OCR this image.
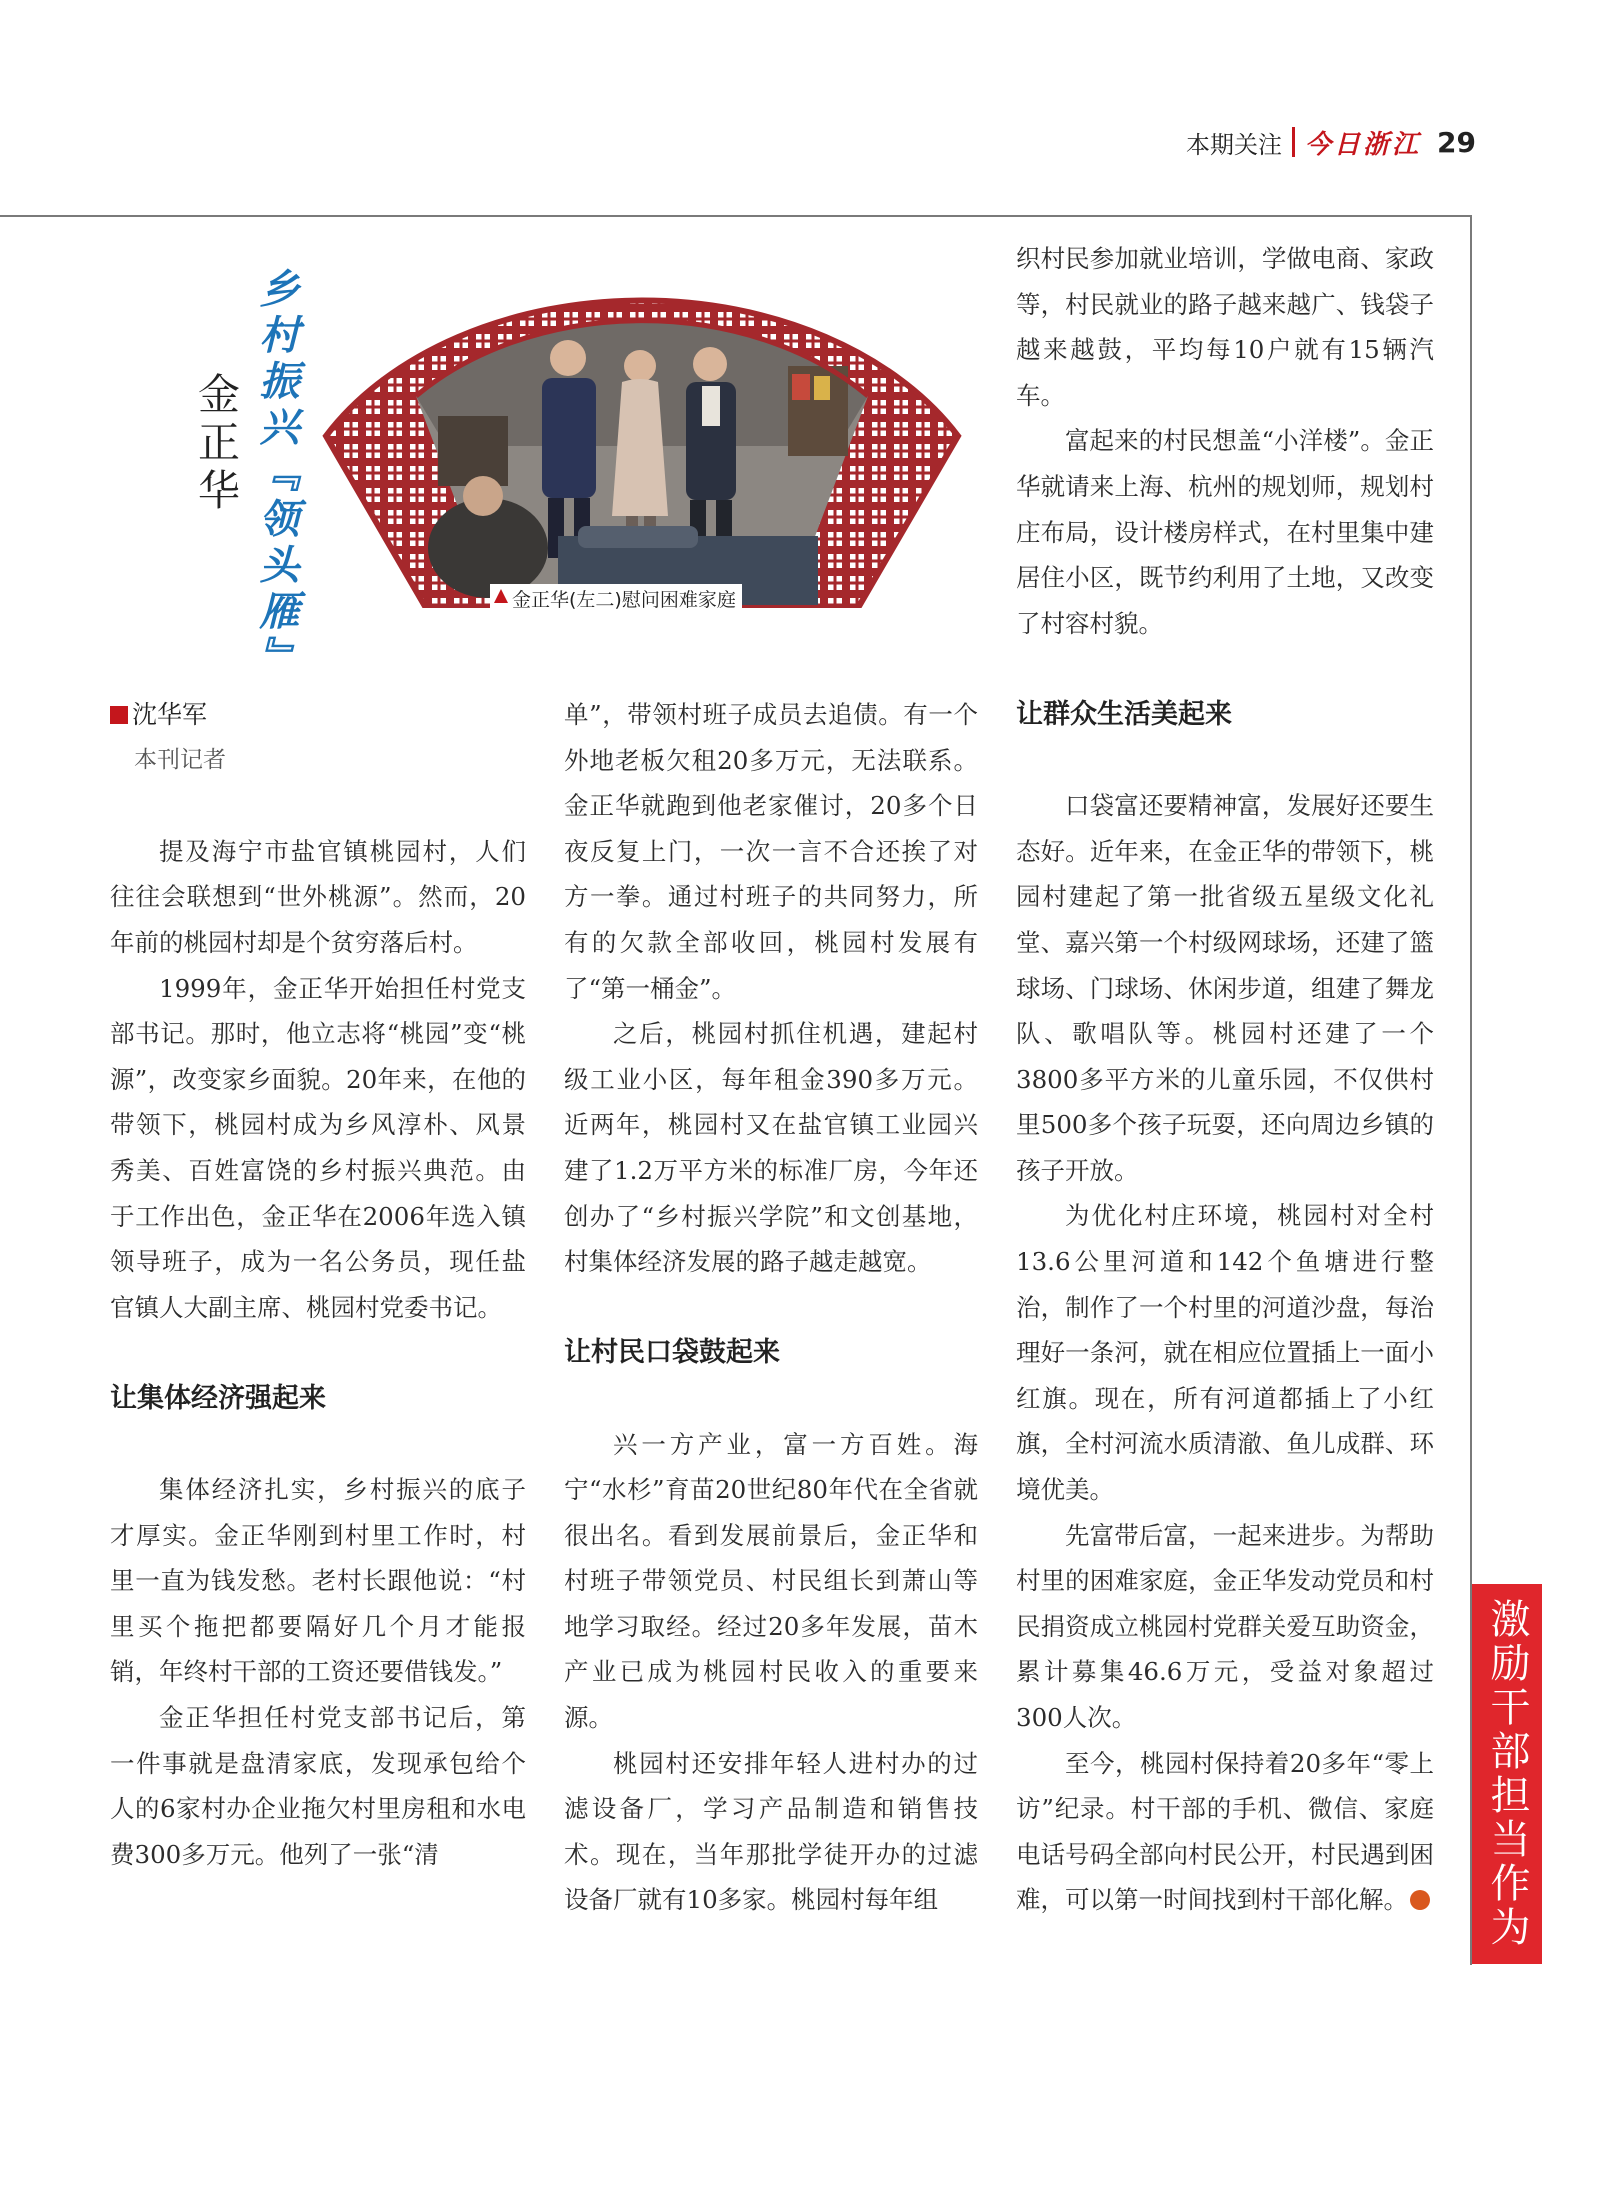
本期关注 今日浙江 29
乡村振兴『领头雁』
金正华
金正华(左二)慰问困难家庭
沈华军
本刊记者

提及海宁市盐官镇桃园村，人们往往会联想到“世外桃源”。然而，20年前的桃园村却是个贫穷落后村。

1999年，金正华开始担任村党支部书记。那时，他立志将“桃园”变“桃源”，改变家乡面貌。20年来，在他的带领下，桃园村成为乡风淳朴、风景秀美、百姓富饶的乡村振兴典范。由于工作出色，金正华在2006年选入镇领导班子，成为一名公务员，现任盐官镇人大副主席、桃园村党委书记。

让集体经济强起来

集体经济扎实，乡村振兴的底子才厚实。金正华刚到村里工作时，村里一直为钱发愁。老村长跟他说：“村里买个拖把都要隔好几个月才能报销，年终村干部的工资还要借钱发。”

金正华担任村党支部书记后，第一件事就是盘清家底，发现承包给个人的6家村办企业拖欠村里房租和水电费300多万元。他列了一张“清

单”，带领村班子成员去追债。有一个外地老板欠租20多万元，无法联系。金正华就跑到他老家催讨，20多个日夜反复上门，一次一言不合还挨了对方一拳。通过村班子的共同努力，所有的欠款全部收回，桃园村发展有了“第一桶金”。

之后，桃园村抓住机遇，建起村级工业小区，每年租金390多万元。近两年，桃园村又在盐官镇工业园兴建了1.2万平方米的标准厂房，今年还创办了“乡村振兴学院”和文创基地，村集体经济发展的路子越走越宽。

让村民口袋鼓起来

兴一方产业，富一方百姓。海宁“水杉”育苗20世纪80年代在全省就很出名。看到发展前景后，金正华和村班子带领党员、村民组长到萧山等地学习取经。经过20多年发展，苗木产业已成为桃园村民收入的重要来源。

桃园村还安排年轻人进村办的过滤设备厂，学习产品制造和销售技术。现在，当年那批学徒开办的过滤设备厂就有10多家。桃园村每年组

织村民参加就业培训，学做电商、家政等，村民就业的路子越来越广、钱袋子越来越鼓，平均每10户就有15辆汽车。

富起来的村民想盖“小洋楼”。金正华就请来上海、杭州的规划师，规划村庄布局，设计楼房样式，在村里集中建居住小区，既节约利用了土地，又改变了村容村貌。

让群众生活美起来

口袋富还要精神富，发展好还要生态好。近年来，在金正华的带领下，桃园村建起了第一批省级五星级文化礼堂、嘉兴第一个村级网球场，还建了篮球场、门球场、休闲步道，组建了舞龙队、歌唱队等。桃园村还建了一个3800多平方米的儿童乐园，不仅供村里500多个孩子玩耍，还向周边乡镇的孩子开放。

为优化村庄环境，桃园村对全村13.6公里河道和142个鱼塘进行整治，制作了一个村里的河道沙盘，每治理好一条河，就在相应位置插上一面小红旗。现在，所有河道都插上了小红旗，全村河流水质清澈、鱼儿成群、环境优美。

先富带后富，一起来进步。为帮助村里的困难家庭，金正华发动党员和村民捐资成立桃园村党群关爱互助资金，累计募集46.6万元，受益对象超过300人次。

至今，桃园村保持着20多年“零上访”纪录。村干部的手机、微信、家庭电话号码全部向村民公开，村民遇到困难，可以第一时间找到村干部化解。	激励干部担当作为
